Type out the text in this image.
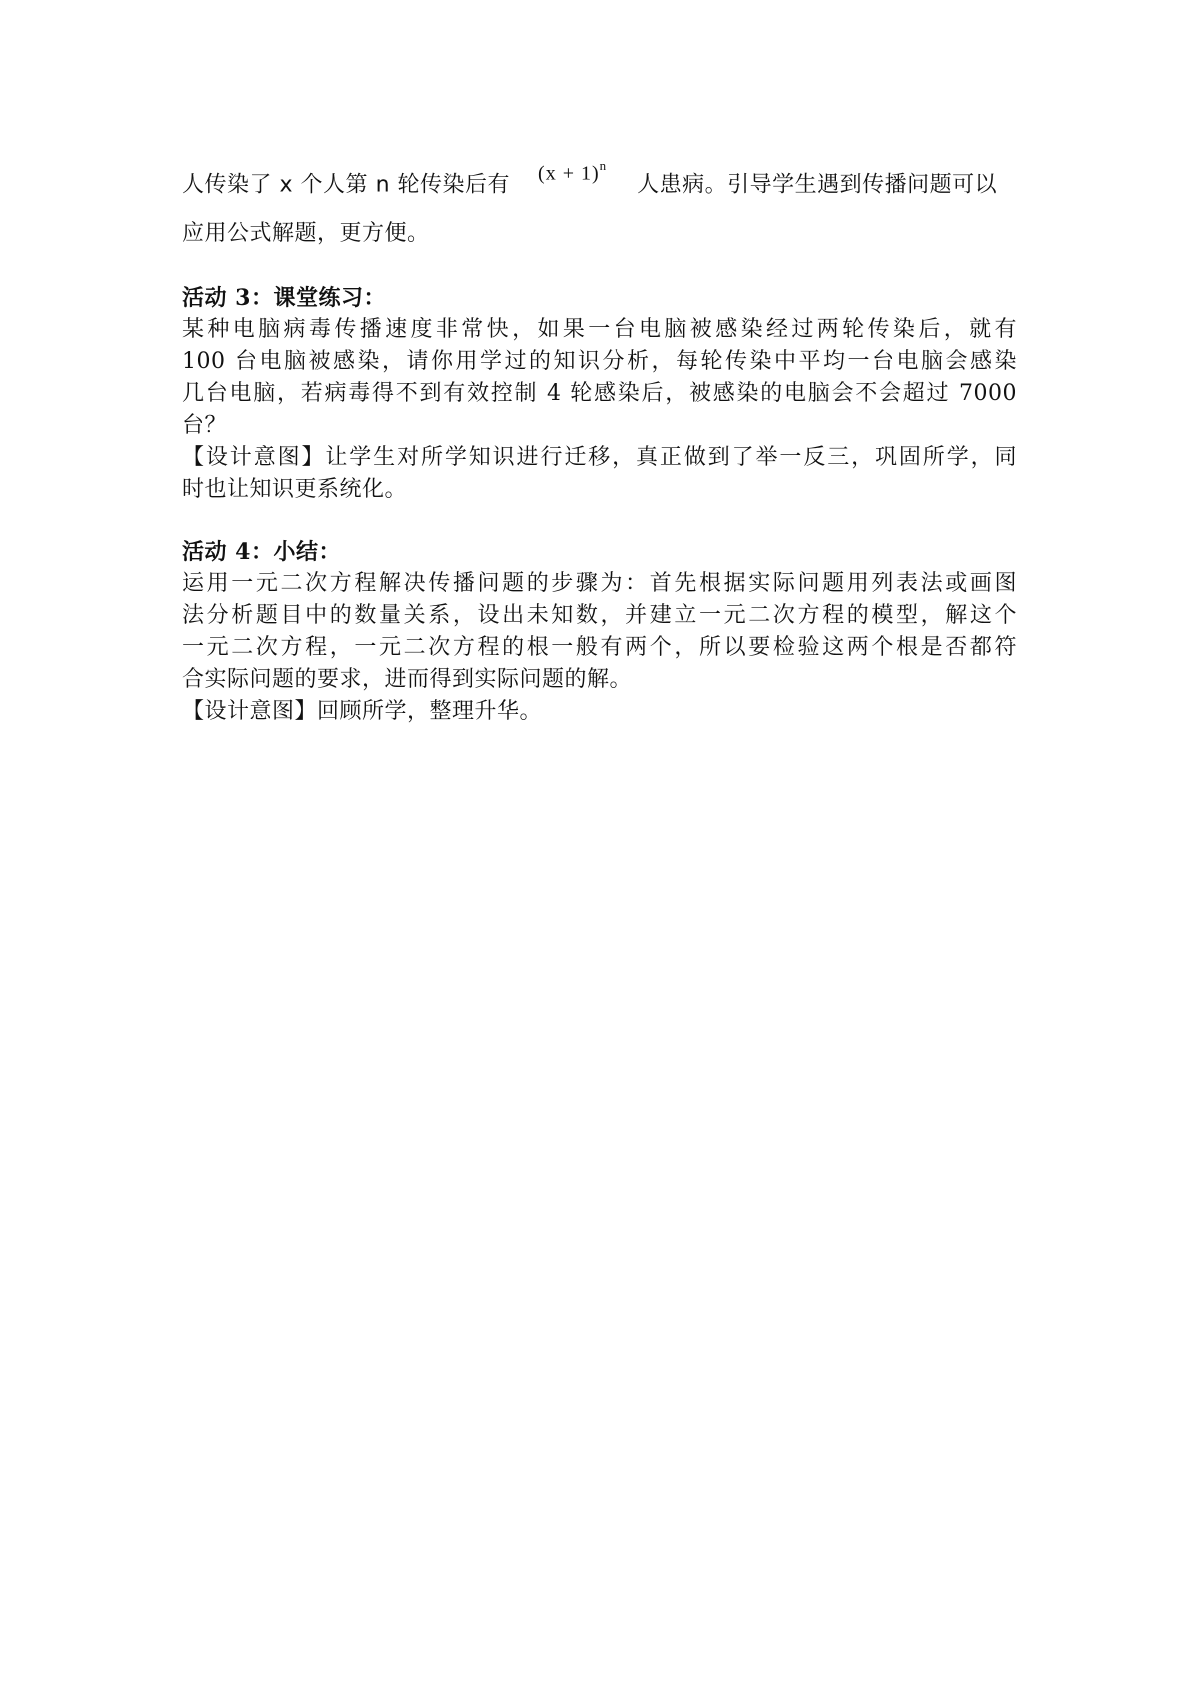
人传染了 x 个人第 n 轮传染后有 $(x + 1)^n$人患病。引导学生遇到传播问题可以
应用公式解题，更方便。
活动 3：课堂练习：
某种电脑病毒传播速度非常快，如果一台电脑被感染经过两轮传染后，就有
100 台电脑被感染，请你用学过的知识分析，每轮传染中平均一台电脑会感染
几台电脑，若病毒得不到有效控制 4 轮感染后，被感染的电脑会不会超过 7000
台？
【设计意图】让学生对所学知识进行迁移，真正做到了举一反三，巩固所学，同
时也让知识更系统化。
活动 4：小结：
运用一元二次方程解决传播问题的步骤为：首先根据实际问题用列表法或画图
法分析题目中的数量关系，设出未知数，并建立一元二次方程的模型，解这个
一元二次方程，一元二次方程的根一般有两个，所以要检验这两个根是否都符
合实际问题的要求，进而得到实际问题的解。
【设计意图】回顾所学，整理升华。
